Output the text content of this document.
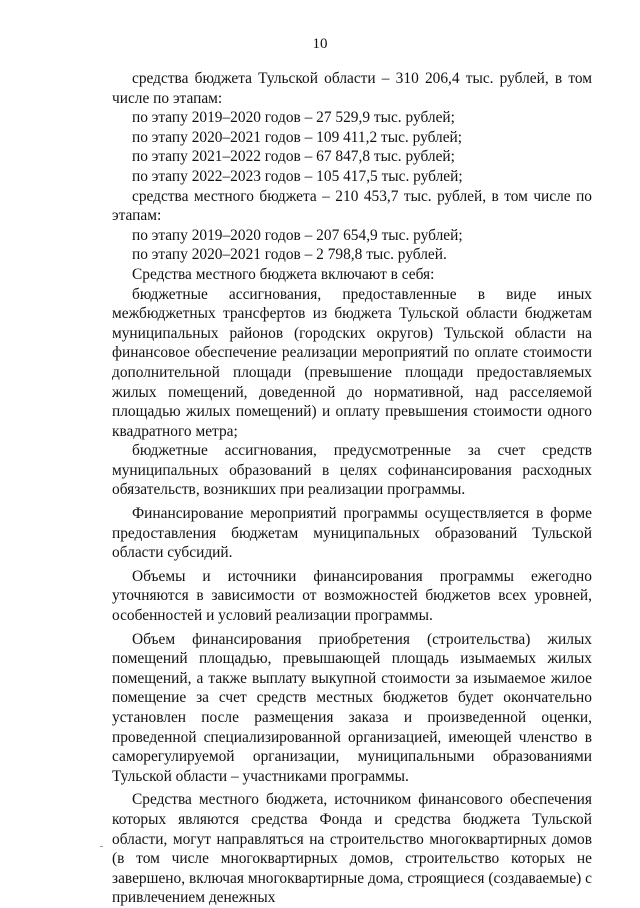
10

средства бюджета Тульской области – 310 206,4 тыс. рублей, в том числе по этапам:

по этапу 2019–2020 годов – 27 529,9 тыс. рублей;

по этапу 2020–2021 годов – 109 411,2 тыс. рублей;

по этапу 2021–2022 годов – 67 847,8 тыс. рублей;

по этапу 2022–2023 годов – 105 417,5 тыс. рублей;

средства местного бюджета – 210 453,7 тыс. рублей, в том числе по этапам:

по этапу 2019–2020 годов – 207 654,9 тыс. рублей;

по этапу 2020–2021 годов – 2 798,8 тыс. рублей.

Средства местного бюджета включают в себя:

бюджетные ассигнования, предоставленные в виде иных межбюджетных трансфертов из бюджета Тульской области бюджетам муниципальных районов (городских округов) Тульской области на финансовое обеспечение реализации мероприятий по оплате стоимости дополнительной площади (превышение площади предоставляемых жилых помещений, доведенной до нормативной, над расселяемой площадью жилых помещений) и оплату превышения стоимости одного квадратного метра;

бюджетные ассигнования, предусмотренные за счет средств муниципальных образований в целях софинансирования расходных обязательств, возникших при реализации программы.

Финансирование мероприятий программы осуществляется в форме предоставления бюджетам муниципальных образований Тульской области субсидий.

Объемы и источники финансирования программы ежегодно уточняются в зависимости от возможностей бюджетов всех уровней, особенностей и условий реализации программы.

Объем финансирования приобретения (строительства) жилых помещений площадью, превышающей площадь изымаемых жилых помещений, а также выплату выкупной стоимости за изымаемое жилое помещение за счет средств местных бюджетов будет окончательно установлен после размещения заказа и произведенной оценки, проведенной специализированной организацией, имеющей членство в саморегулируемой организации, муниципальными образованиями Тульской области – участниками программы.

Средства местного бюджета, источником финансового обеспечения которых являются средства Фонда и средства бюджета Тульской области, могут направляться на строительство многоквартирных домов (в том числе многоквартирных домов, строительство которых не завершено, включая многоквартирные дома, строящиеся (создаваемые) с привлечением денежных
